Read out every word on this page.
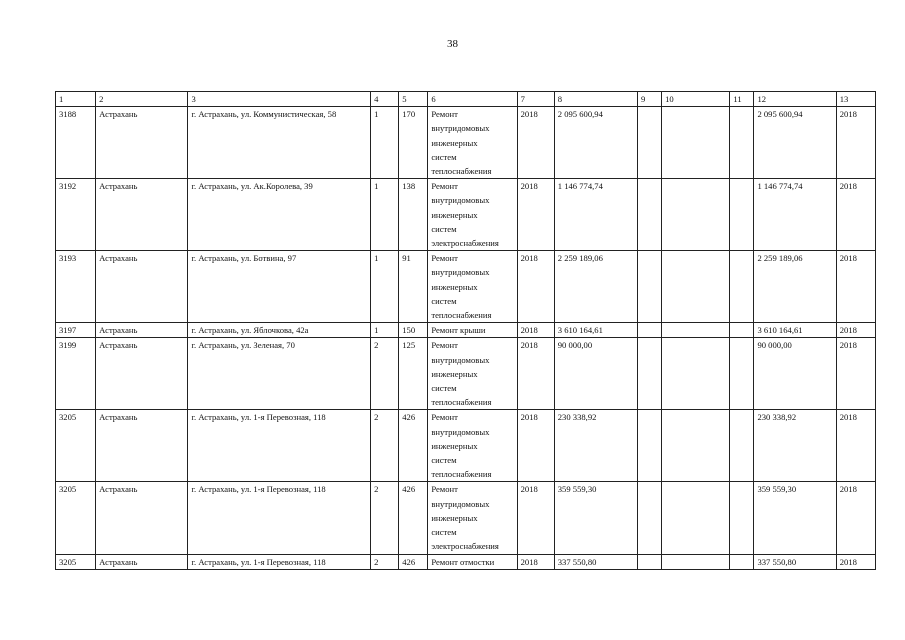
38
1	2	3	4	5	6	7	8	9	10	11	12	13
3188	Астрахань	г. Астрахань, ул. Коммунистическая, 58	1	170	Ремонт
внутридомовых
инженерных
систем
теплоснабжения	2018	2 095 600,94				2 095 600,94	2018
3192	Астрахань	г. Астрахань, ул. Ак.Королева, 39	1	138	Ремонт
внутридомовых
инженерных
систем
электроснабжения	2018	1 146 774,74				1 146 774,74	2018
3193	Астрахань	г. Астрахань, ул. Ботвина, 97	1	91	Ремонт
внутридомовых
инженерных
систем
теплоснабжения	2018	2 259 189,06				2 259 189,06	2018
3197	Астрахань	г. Астрахань, ул. Яблочкова, 42а	1	150	Ремонт крыши	2018	3 610 164,61				3 610 164,61	2018
3199	Астрахань	г. Астрахань, ул. Зеленая, 70	2	125	Ремонт
внутридомовых
инженерных
систем
теплоснабжения	2018	90 000,00				90 000,00	2018
3205	Астрахань	г. Астрахань, ул. 1-я Перевозная, 118	2	426	Ремонт
внутридомовых
инженерных
систем
теплоснабжения	2018	230 338,92				230 338,92	2018
3205	Астрахань	г. Астрахань, ул. 1-я Перевозная, 118	2	426	Ремонт
внутридомовых
инженерных
систем
электроснабжения	2018	359 559,30				359 559,30	2018
3205	Астрахань	г. Астрахань, ул. 1-я Перевозная, 118	2	426	Ремонт отмостки	2018	337 550,80				337 550,80	2018
